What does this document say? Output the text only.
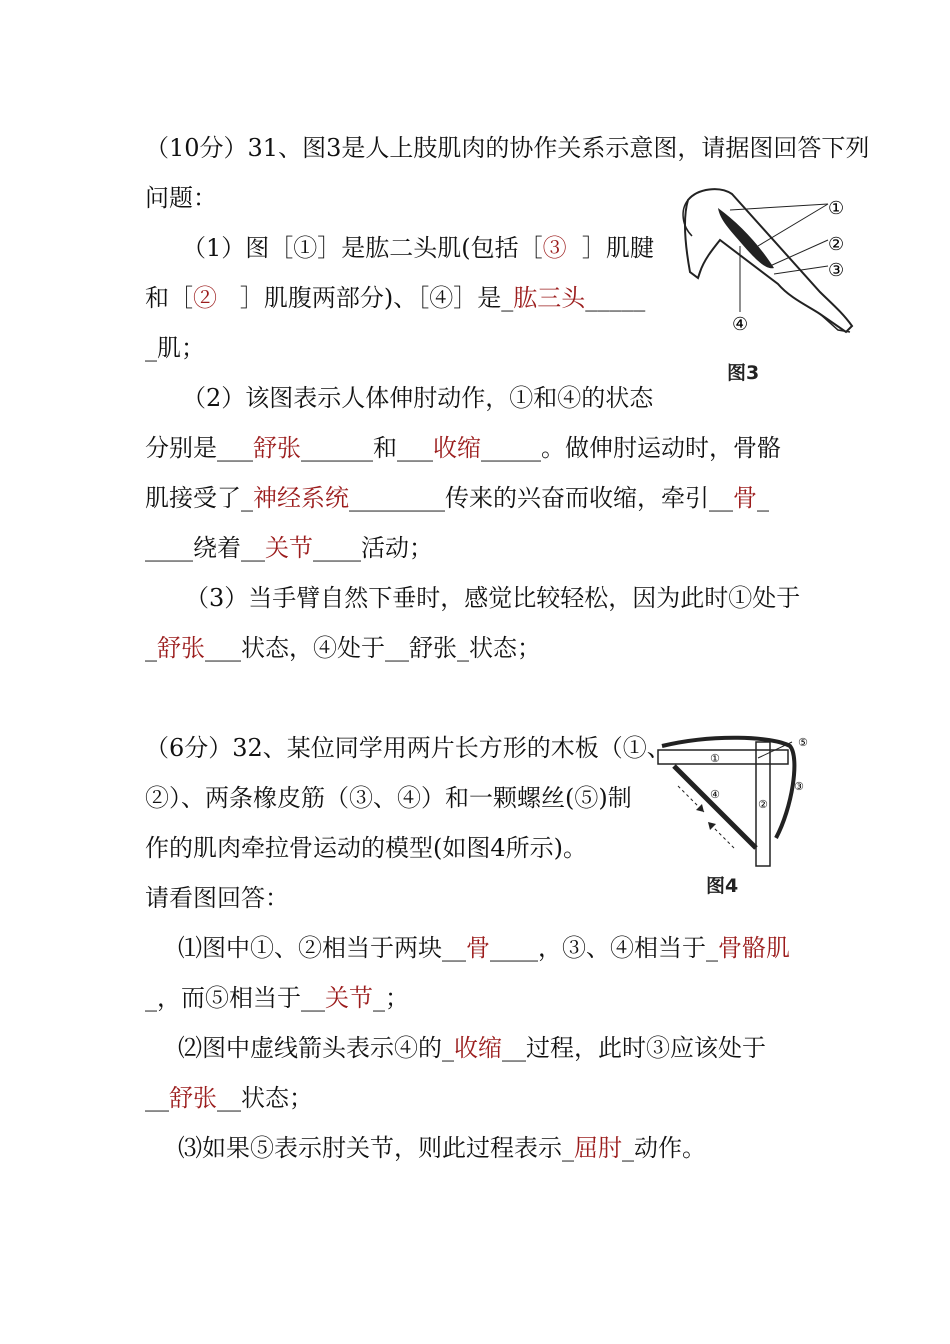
（10分）31、图3是人上肢肌肉的协作关系示意图，请据图回答下列
问题：
（1）图［①］是肱二头肌(包括［③  ］肌腱
和［②   ］肌腹两部分)、［④］是_肱三头_____
_肌；
（2）该图表示人体伸肘动作，①和④的状态
分别是___舒张______和___收缩_____。做伸肘运动时，骨骼
肌接受了_神经系统________传来的兴奋而收缩，牵引__骨_
____绕着__关节____活动；
（3）当手臂自然下垂时，感觉比较轻松，因为此时①处于
_舒张___状态，④处于__舒张_状态；
①
②
③
④
图3
（6分）32、某位同学用两片长方形的木板（①、
②）、两条橡皮筋（③、④）和一颗螺丝(⑤)制
作的肌肉牵拉骨运动的模型(如图4所示)。
请看图回答：
⑴图中①、②相当于两块__骨____，③、④相当于_骨骼肌
_，而⑤相当于__关节_；
⑵图中虚线箭头表示④的_收缩__过程，此时③应该处于
__舒张__状态；
⑶如果⑤表示肘关节，则此过程表示_屈肘_动作。
①
②
③
④
⑤
图4
